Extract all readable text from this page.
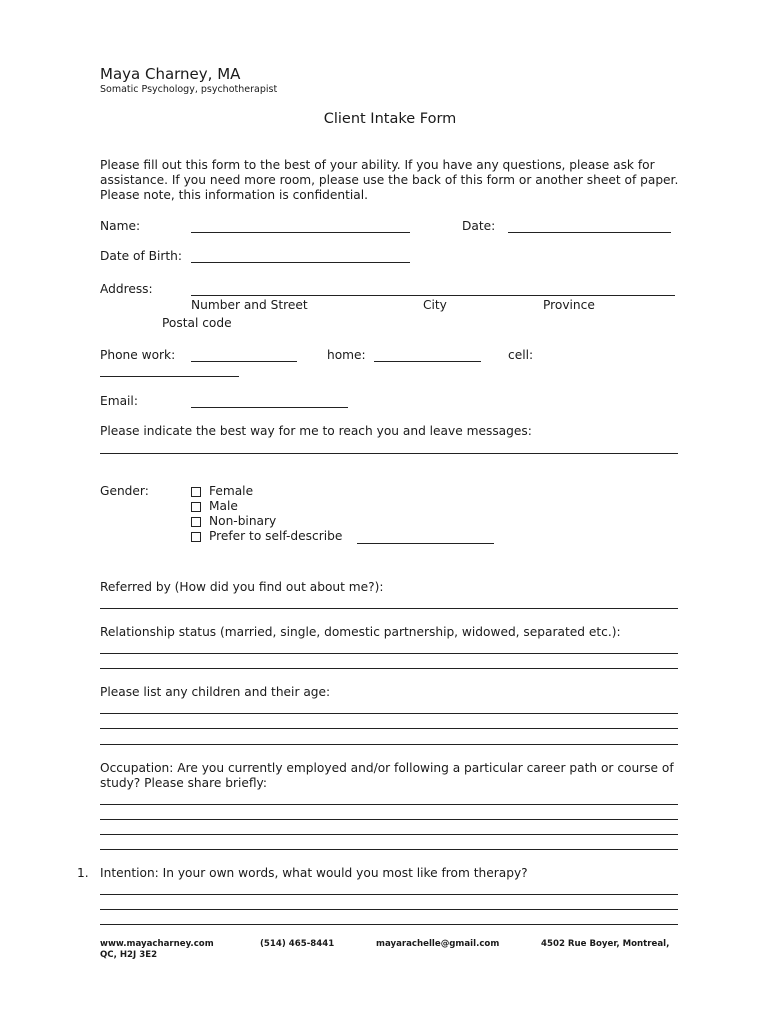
Maya Charney, MA
Somatic Psychology, psychotherapist
Client Intake Form
Please fill out this form to the best of your ability. If you have any questions, please ask for assistance. If you need more room, please use the back of this form or another sheet of paper. Please note, this information is confidential.
Name:	Date:
Date of Birth:
Address:
Number and Street	City	Province
Postal code
Phone work:	home:	cell:
Email:
Please indicate the best way for me to reach you and leave messages:
Gender:	Female
Male
Non-binary
Prefer to self-describe
Referred by (How did you find out about me?):
Relationship status (married, single, domestic partnership, widowed, separated etc.):
Please list any children and their age:
Occupation: Are you currently employed and/or following a particular career path or course of study? Please share briefly:
1. Intention: In your own words, what would you most like from therapy?
www.mayacharney.com	(514) 465-8441	mayarachelle@gmail.com	4502 Rue Boyer, Montreal,
QC, H2J 3E2
